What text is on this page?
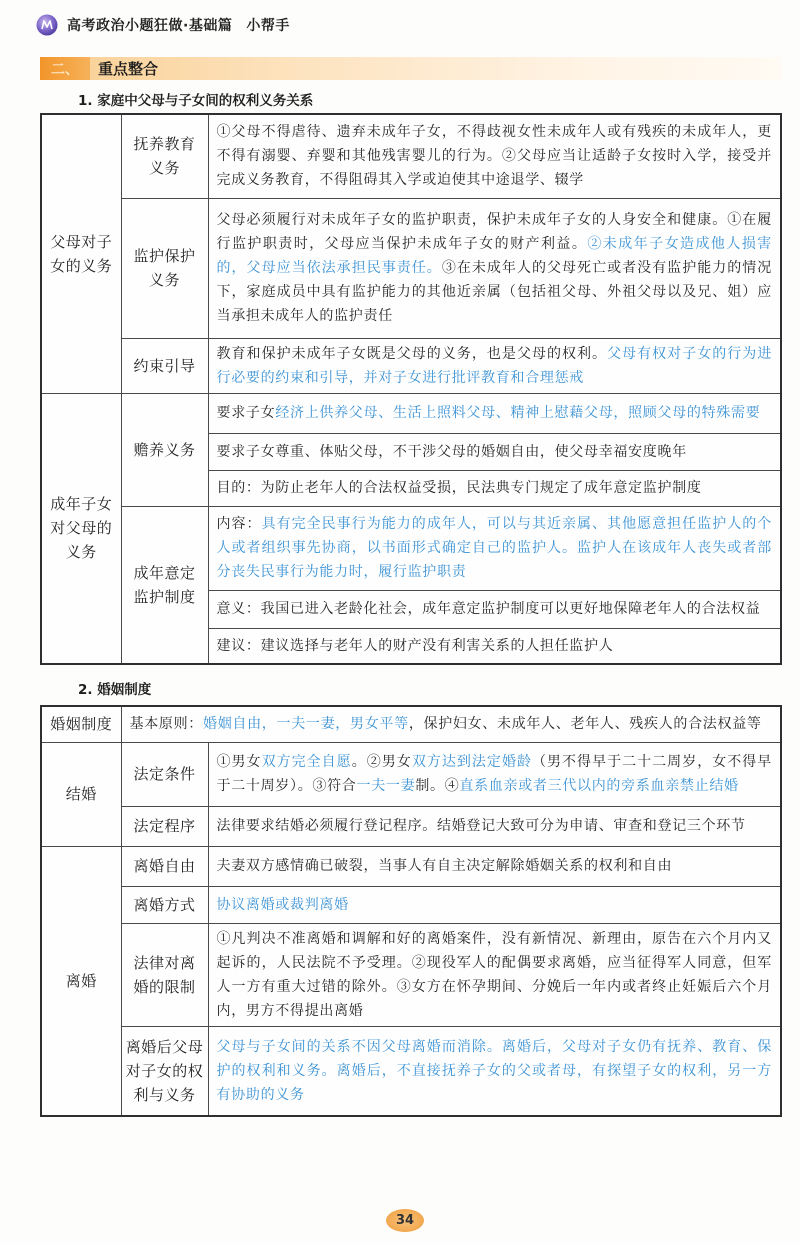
高考政治小题狂做·基础篇 小帮手
二、	重点整合
1. 家庭中父母与子女间的权利义务关系
父母对子女的义务	抚养教育义务	①父母不得虐待、遗弃未成年子女，不得歧视女性未成年人或有残疾的未成年人，更不得有溺婴、弃婴和其他残害婴儿的行为。②父母应当让适龄子女按时入学，接受并完成义务教育，不得阻碍其入学或迫使其中途退学、辍学
	监护保护义务	父母必须履行对未成年子女的监护职责，保护未成年子女的人身安全和健康。①在履行监护职责时，父母应当保护未成年子女的财产利益。②未成年子女造成他人损害的，父母应当依法承担民事责任。③在未成年人的父母死亡或者没有监护能力的情况下，家庭成员中具有监护能力的其他近亲属（包括祖父母、外祖父母以及兄、姐）应当承担未成年人的监护责任
	约束引导	教育和保护未成年子女既是父母的义务，也是父母的权利。父母有权对子女的行为进行必要的约束和引导，并对子女进行批评教育和合理惩戒
成年子女对父母的义务	赡养义务	要求子女经济上供养父母、生活上照料父母、精神上慰藉父母，照顾父母的特殊需要
		要求子女尊重、体贴父母，不干涉父母的婚姻自由，使父母幸福安度晚年
		目的：为防止老年人的合法权益受损，民法典专门规定了成年意定监护制度
	成年意定监护制度	内容：具有完全民事行为能力的成年人，可以与其近亲属、其他愿意担任监护人的个人或者组织事先协商，以书面形式确定自己的监护人。监护人在该成年人丧失或者部分丧失民事行为能力时，履行监护职责
		意义：我国已进入老龄化社会，成年意定监护制度可以更好地保障老年人的合法权益
		建议：建议选择与老年人的财产没有利害关系的人担任监护人
2. 婚姻制度
婚姻制度	基本原则：婚姻自由，一夫一妻，男女平等，保护妇女、未成年人、老年人、残疾人的合法权益等	
结婚	法定条件	①男女双方完全自愿。②男女双方达到法定婚龄（男不得早于二十二周岁，女不得早于二十周岁）。③符合一夫一妻制。④直系血亲或者三代以内的旁系血亲禁止结婚
	法定程序	法律要求结婚必须履行登记程序。结婚登记大致可分为申请、审查和登记三个环节
离婚	离婚自由	夫妻双方感情确已破裂，当事人有自主决定解除婚姻关系的权利和自由
	离婚方式	协议离婚或裁判离婚
	法律对离婚的限制	①凡判决不准离婚和调解和好的离婚案件，没有新情况、新理由，原告在六个月内又起诉的，人民法院不予受理。②现役军人的配偶要求离婚，应当征得军人同意，但军人一方有重大过错的除外。③女方在怀孕期间、分娩后一年内或者终止妊娠后六个月内，男方不得提出离婚
	离婚后父母对子女的权利与义务	父母与子女间的关系不因父母离婚而消除。离婚后，父母对子女仍有抚养、教育、保护的权利和义务。离婚后，不直接抚养子女的父或者母，有探望子女的权利，另一方有协助的义务
34
